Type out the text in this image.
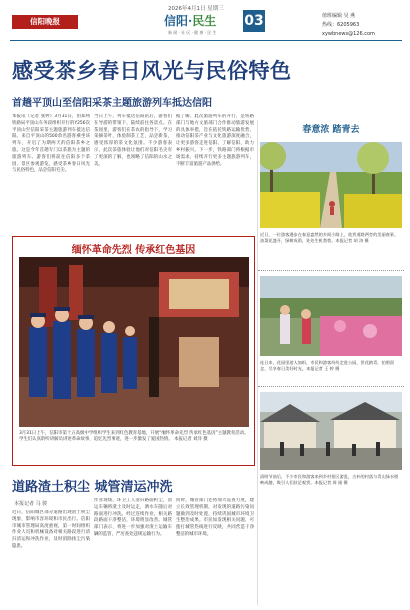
2026年4月1日 星期三
信阳晚报	信阳·民生
新 闻 · 社 区 · 健 康 · 民 生
03	值班编辑 吴 燕
热线：6205963
xywbnews@126.com
感受茶乡春日风光与民俗特色
首趟平顶山至信阳采茶主题旅游列车抵达信阳
本报讯（记者 张婷）3月31日，由郑州铁路局平顶山车务段组织开行的Y256次平顶山至信阳采茶主题旅游列车抵达信阳。来自平顶山的500余名游客乘坐该列车，开启了为期两天的信阳茶乡之旅。这是今年首趟专门以茶旅为主题的旅游列车。游客们将前往信阳多个茶园、景区参观游览，感受茶乡春日风光与民俗特色，品尝信阳毛尖。
当日上午，列车抵达信阳站后，游客们在导游的带领下，陆续前往各景点。在茶园里，游客们在茶农的指导下，学习采摘茶叶，体验制茶工艺，品尝新茶，感受浓厚的茶文化氛围。不少游客表示，此次茶旅体验让他们对信阳毛尖有了更深的了解，也领略了信阳的山水之美。
据了解，此次旅游列车的开行，是铁路部门与地方文旅部门合作推动旅游发展的具体举措，旨在依托铁路运输优势，推动信阳茶产业与文化旅游深度融合，让更多游客走进信阳、了解信阳，助力乡村振兴。下一步，铁路部门将根据市场需求，持续开行更多主题旅游列车，不断丰富旅游产品供给。
缅怀革命先烈 传承红色基因
3月31日上午，信阳市第十五高级中学组织学生来到红色教育基地，开展“缅怀革命先烈 传承红色基因”主题教育活动。学生们认真聆听讲解员讲述革命故事，追忆先烈事迹，进一步激发了爱国热情。 本报记者 刘洋 摄
道路渣土积尘 城管清运冲洗
本报记者 马 骏
近日，信阳城区部分道路出现渣土积尘现象，影响市容环境和市民出行。信阳市城市管理局高度重视，第一时间组织作业人员和机械设备对相关路段进行清扫清运和冲洗作业，及时消除扬尘污染隐患。
作业现场，环卫工人清扫路面积尘，清运车辆将渣土及时运走，洒水车随后对路面进行冲洗。经过连续作业，相关路段路面干净整洁，环境明显改善。城管部门表示，将进一步加强对渣土运输车辆的监管，严厉查处违规运输行为。
同时，城管部门还将加大巡查力度，建立长效管理机制，对发现的道路污染问题做到及时处置，持续巩固城市环境卫生整治成果。市民如发现相关问题，可拨打城管热线进行反映，共同营造干净整洁的城市环境。
春意浓 踏青去
近日，一位游客漫步在春意盎然的乡间小路上，欣赏道路两旁的美丽春景。油菜花盛开，绿树成荫，处处生机勃勃。本报记者 胡 涛 摄
连日来，花园里游人如织，市民和游客纷纷走进公园，赏花踏青，拍照留念，尽享春日美好时光。本报记者 王 婷 摄
清明节前后，不少市民和游客来到乡村景区游览，古朴的村落与青山绿水相映成趣，吸引人们驻足观赏。本报记者 周 刚 摄
